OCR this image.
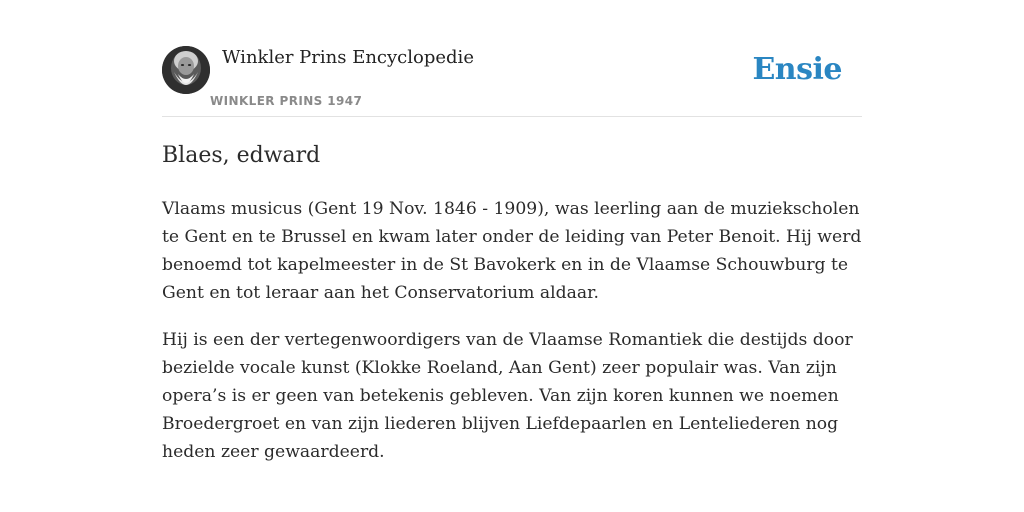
Winkler Prins Encyclopedie
WINKLER PRINS 1947
Ensie
Blaes, edward

Vlaams musicus (Gent 19 Nov. 1846 - 1909), was leerling aan de muziekscholen te Gent en te Brussel en kwam later onder de leiding van Peter Benoit. Hij werd benoemd tot kapelmeester in de St Bavokerk en in de Vlaamse Schouwburg te Gent en tot leraar aan het Conservatorium aldaar.

Hij is een der vertegenwoordigers van de Vlaamse Romantiek die destijds door bezielde vocale kunst (Klokke Roeland, Aan Gent) zeer populair was. Van zijn opera’s is er geen van betekenis gebleven. Van zijn koren kunnen we noemen Broedergroet en van zijn liederen blijven Liefdepaarlen en Lenteliederen nog heden zeer gewaardeerd.
